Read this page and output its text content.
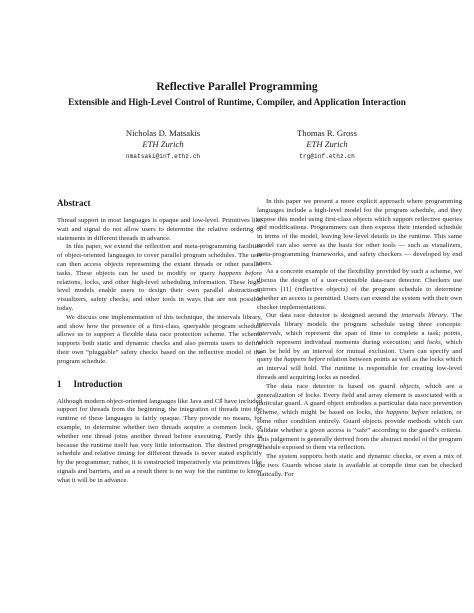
Reflective Parallel Programming
Extensible and High-Level Control of Runtime, Compiler, and Application Interaction
Nicholas D. Matsakis
ETH Zurich
nmatsaki@inf.ethz.ch
Thomas R. Gross
ETH Zurich
trg@inf.ethz.ch
Abstract

Thread support in most languages is opaque and low-level. Primitives like wait and signal do not allow users to determine the relative ordering of statements in different threads in advance.

In this paper, we extend the reflection and meta-programming facilities of object-oriented languages to cover parallel program schedules. The user can then access objects representing the extant threads or other parallel tasks. These objects can be used to modify or query happens before relations, locks, and other high-level scheduling information. These high-level models enable users to design their own parallel abstractions, visualizers, safety checks, and other tools in ways that are not possible today.

We discuss one implementation of this technique, the intervals library, and show how the presence of a first-class, queryable program schedule allows us to support a flexible data race protection scheme. The scheme supports both static and dynamic checks and also permits users to define their own “pluggable” safety checks based on the reflective model of the program schedule.

1 Introduction

Although modern object-oriented languages like Java and C♯ have included support for threads from the beginning, the integration of threads into the runtime of these languages is fairly opaque. They provide no means, for example, to determine whether two threads acquire a common lock, or whether one thread joins another thread before executing. Partly this is because the runtime itself has very little information. The desired program schedule and relative timing for different threads is never stated explicitly by the programmer; rather, it is constructed imperatively via primitives like signals and barriers, and as a result there is no way for the runtime to know what it will be in advance.

In this paper we present a more explicit approach where programming languages include a high-level model for the program schedule, and they expose this model using first-class objects which support reflective queries and modifications. Programmers can then express their intended schedule in terms of the model, leaving low-level details to the runtime. This same model can also serve as the basis for other tools — such as visualizers, meta-programming frameworks, and safety checkers — developed by end users.

As a concrete example of the flexibility provided by such a scheme, we discuss the design of a user-extensible data-race detector. Checkers use mirrors [11] (reflective objects) of the program schedule to determine whether an access is permitted. Users can extend the system with their own checker implementations.

Our data race detector is designed around the intervals library. The intervals library models the program schedule using three concepts: intervals, which represent the span of time to complete a task; points, which represent individual moments during execution; and locks, which can be held by an interval for mutual exclusion. Users can specify and query the happens before relation between points as well as the locks which an interval will hold. The runtime is responsible for creating low-level threads and acquiring locks as needed.

The data race detector is based on guard objects, which are a generalization of locks. Every field and array element is associated with a particular guard. A guard object embodies a particular data race prevention scheme, which might be based on locks, the happens before relation, or some other condition entirely. Guard objects provide methods which can validate whether a given access is “safe” according to the guard’s criteria. This judgement is generally derived from the abstract model of the program schedule exposed to them via reflection.

The system supports both static and dynamic checks, or even a mix of the two. Guards whose state is available at compile time can be checked statically. For
